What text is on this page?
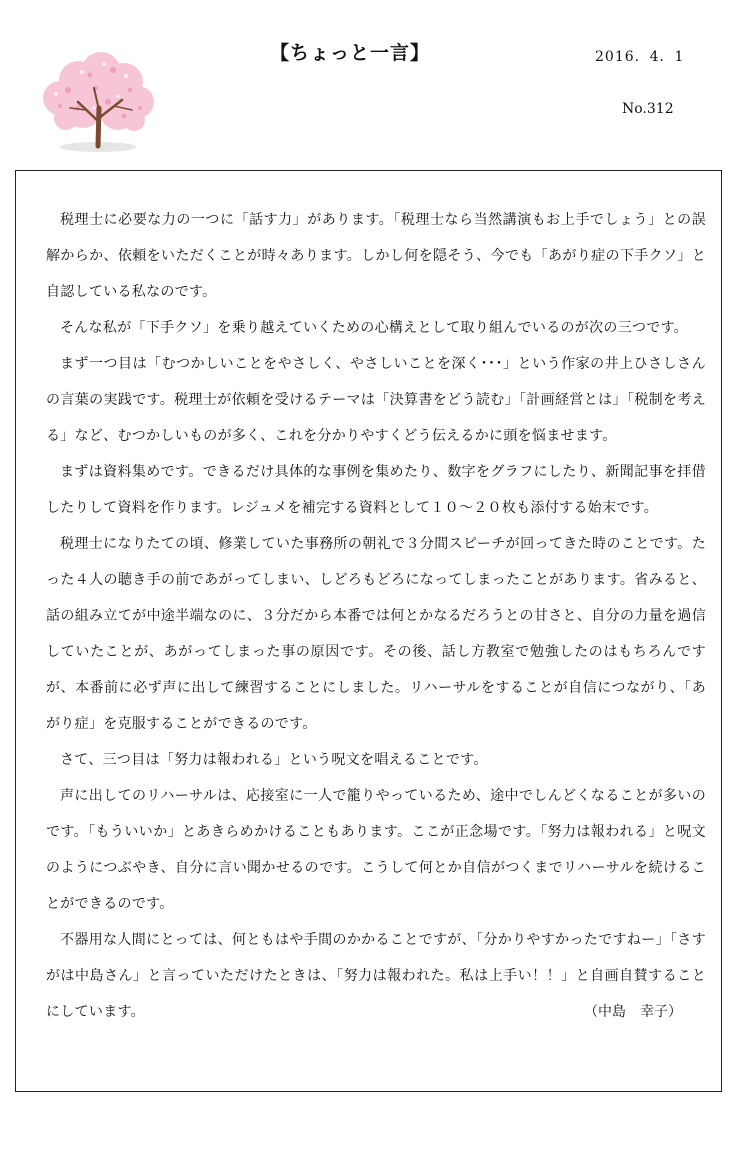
【ちょっと一言】	2016．4．1
No.312

税理士に必要な力の一つに「話す力」があります。「税理士なら当然講演もお上手でしょう」との誤解からか、依頼をいただくことが時々あります。しかし何を隠そう、今でも「あがり症の下手クソ」と自認している私なのです。

そんな私が「下手クソ」を乗り越えていくための心構えとして取り組んでいるのが次の三つです。

まず一つ目は「むつかしいことをやさしく、やさしいことを深く･･･」という作家の井上ひさしさんの言葉の実践です。税理士が依頼を受けるテーマは「決算書をどう読む」「計画経営とは」「税制を考える」など、むつかしいものが多く、これを分かりやすくどう伝えるかに頭を悩ませます。

まずは資料集めです。できるだけ具体的な事例を集めたり、数字をグラフにしたり、新聞記事を拝借したりして資料を作ります。レジュメを補完する資料として１０～２０枚も添付する始末です。

税理士になりたての頃、修業していた事務所の朝礼で３分間スピーチが回ってきた時のことです。たった４人の聴き手の前であがってしまい、しどろもどろになってしまったことがあります。省みると、話の組み立てが中途半端なのに、３分だから本番では何とかなるだろうとの甘さと、自分の力量を過信していたことが、あがってしまった事の原因です。その後、話し方教室で勉強したのはもちろんですが、本番前に必ず声に出して練習することにしました。リハーサルをすることが自信につながり、「あがり症」を克服することができるのです。

さて、三つ目は「努力は報われる」という呪文を唱えることです。

声に出してのリハーサルは、応接室に一人で籠りやっているため、途中でしんどくなることが多いのです。「もういいか」とあきらめかけることもあります。ここが正念場です。「努力は報われる」と呪文のようにつぶやき、自分に言い聞かせるのです。こうして何とか自信がつくまでリハーサルを続けることができるのです。

不器用な人間にとっては、何ともはや手間のかかることですが、「分かりやすかったですねー」「さすがは中島さん」と言っていただけたときは、「努力は報われた。私は上手い！！」と自画自賛することにしています。	（中島　幸子）
